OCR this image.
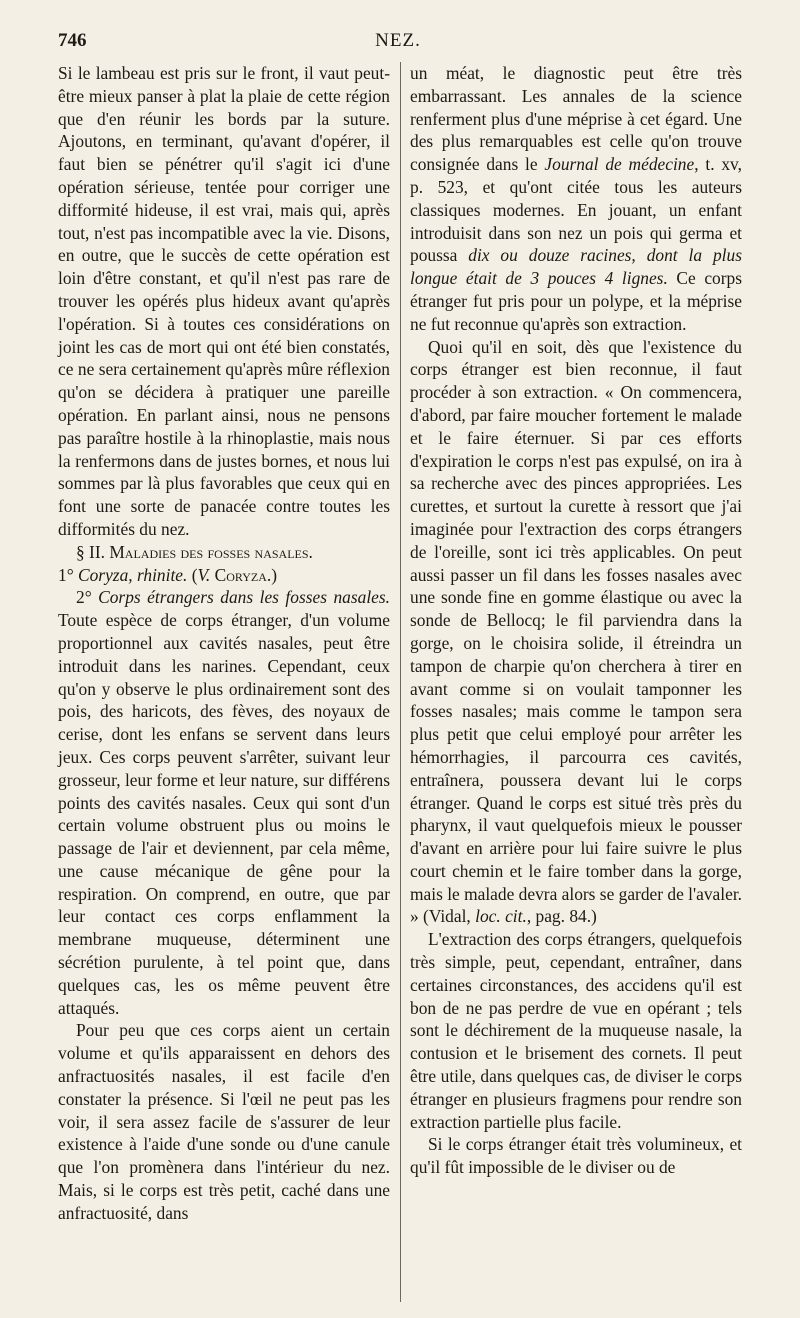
746	NEZ.

Si le lambeau est pris sur le front, il vaut peut-être mieux panser à plat la plaie de cette région que d'en réunir les bords par la suture. Ajoutons, en terminant, qu'avant d'opérer, il faut bien se pénétrer qu'il s'agit ici d'une opération sérieuse, tentée pour corriger une difformité hideuse, il est vrai, mais qui, après tout, n'est pas incompatible avec la vie. Disons, en outre, que le succès de cette opération est loin d'être constant, et qu'il n'est pas rare de trouver les opérés plus hideux avant qu'après l'opération. Si à toutes ces considérations on joint les cas de mort qui ont été bien constatés, ce ne sera certainement qu'après mûre réflexion qu'on se décidera à pratiquer une pareille opération. En parlant ainsi, nous ne pensons pas paraître hostile à la rhinoplastie, mais nous la renfermons dans de justes bornes, et nous lui sommes par là plus favorables que ceux qui en font une sorte de panacée contre toutes les difformités du nez.

§ II. Maladies des fosses nasales.

1° Coryza, rhinite. (V. Coryza.)

2° Corps étrangers dans les fosses nasales. Toute espèce de corps étranger, d'un volume proportionnel aux cavités nasales, peut être introduit dans les narines. Cependant, ceux qu'on y observe le plus ordinairement sont des pois, des haricots, des fèves, des noyaux de cerise, dont les enfans se servent dans leurs jeux. Ces corps peuvent s'arrêter, suivant leur grosseur, leur forme et leur nature, sur différens points des cavités nasales. Ceux qui sont d'un certain volume obstruent plus ou moins le passage de l'air et deviennent, par cela même, une cause mécanique de gêne pour la respiration. On comprend, en outre, que par leur contact ces corps enflamment la membrane muqueuse, déterminent une sécrétion purulente, à tel point que, dans quelques cas, les os même peuvent être attaqués.

Pour peu que ces corps aient un certain volume et qu'ils apparaissent en dehors des anfractuosités nasales, il est facile d'en constater la présence. Si l'œil ne peut pas les voir, il sera assez facile de s'assurer de leur existence à l'aide d'une sonde ou d'une canule que l'on promènera dans l'intérieur du nez. Mais, si le corps est très petit, caché dans une anfractuosité, dans

un méat, le diagnostic peut être très embarrassant. Les annales de la science renferment plus d'une méprise à cet égard. Une des plus remarquables est celle qu'on trouve consignée dans le Journal de médecine, t. xv, p. 523, et qu'ont citée tous les auteurs classiques modernes. En jouant, un enfant introduisit dans son nez un pois qui germa et poussa dix ou douze racines, dont la plus longue était de 3 pouces 4 lignes. Ce corps étranger fut pris pour un polype, et la méprise ne fut reconnue qu'après son extraction.

Quoi qu'il en soit, dès que l'existence du corps étranger est bien reconnue, il faut procéder à son extraction. « On commencera, d'abord, par faire moucher fortement le malade et le faire éternuer. Si par ces efforts d'expiration le corps n'est pas expulsé, on ira à sa recherche avec des pinces appropriées. Les curettes, et surtout la curette à ressort que j'ai imaginée pour l'extraction des corps étrangers de l'oreille, sont ici très applicables. On peut aussi passer un fil dans les fosses nasales avec une sonde fine en gomme élastique ou avec la sonde de Bellocq; le fil parviendra dans la gorge, on le choisira solide, il étreindra un tampon de charpie qu'on cherchera à tirer en avant comme si on voulait tamponner les fosses nasales; mais comme le tampon sera plus petit que celui employé pour arrêter les hémorrhagies, il parcourra ces cavités, entraînera, poussera devant lui le corps étranger. Quand le corps est situé très près du pharynx, il vaut quelquefois mieux le pousser d'avant en arrière pour lui faire suivre le plus court chemin et le faire tomber dans la gorge, mais le malade devra alors se garder de l'avaler. » (Vidal, loc. cit., pag. 84.)

L'extraction des corps étrangers, quelquefois très simple, peut, cependant, entraîner, dans certaines circonstances, des accidens qu'il est bon de ne pas perdre de vue en opérant ; tels sont le déchirement de la muqueuse nasale, la contusion et le brisement des cornets. Il peut être utile, dans quelques cas, de diviser le corps étranger en plusieurs fragmens pour rendre son extraction partielle plus facile.

Si le corps étranger était très volumineux, et qu'il fût impossible de le diviser ou de
